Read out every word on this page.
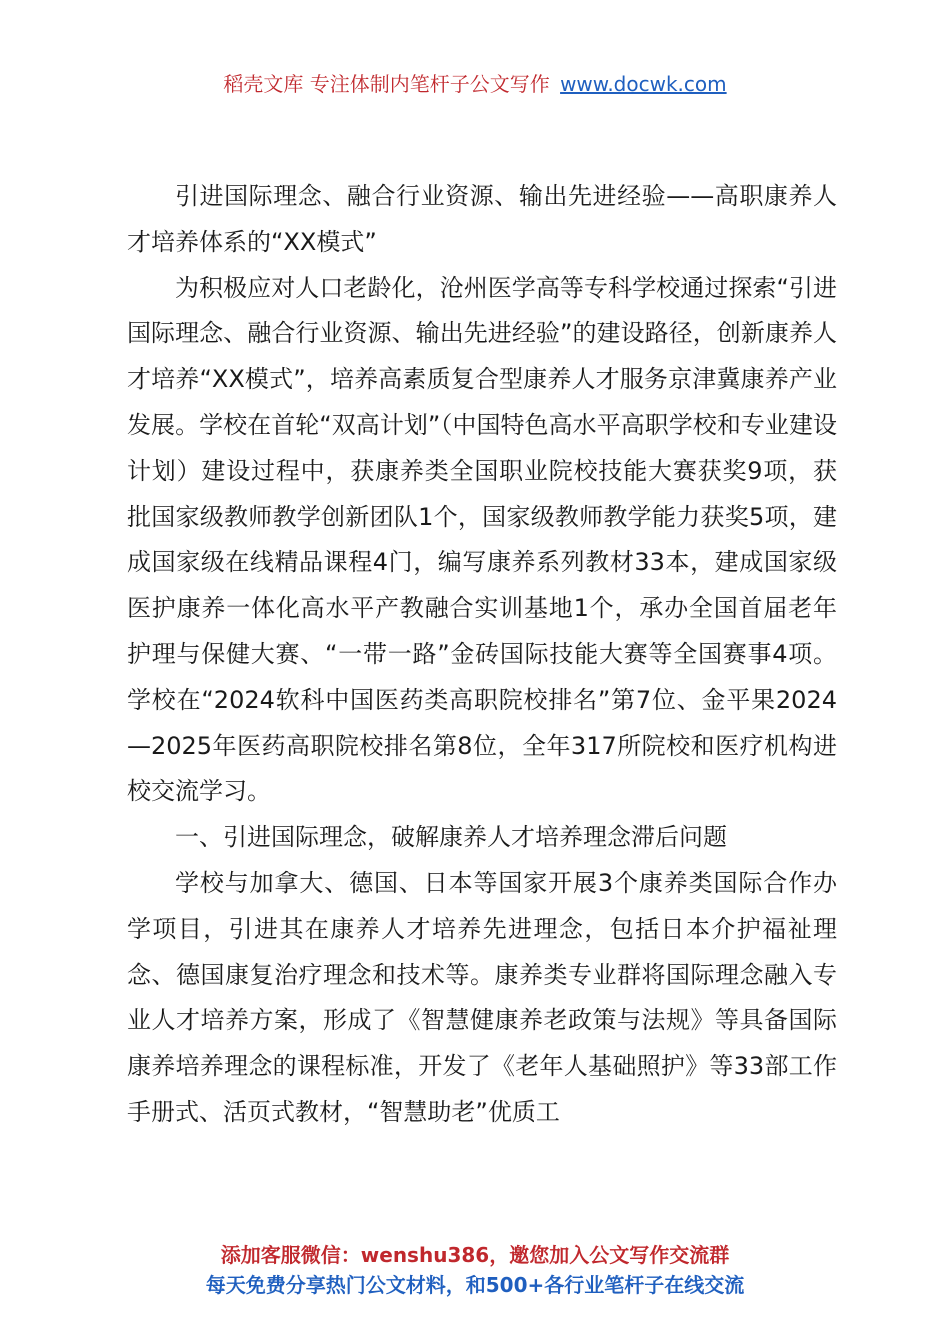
稻壳文库 专注体制内笔杆子公文写作 www.docwk.com

引进国际理念、融合行业资源、输出先进经验——高职康养人才培养体系的“XX模式”

为积极应对人口老龄化，沧州医学高等专科学校通过探索“引进国际理念、融合行业资源、输出先进经验”的建设路径，创新康养人才培养“XX模式”，培养高素质复合型康养人才服务京津冀康养产业发展。学校在首轮“双高计划”（中国特色高水平高职学校和专业建设计划）建设过程中，获康养类全国职业院校技能大赛获奖9项，获批国家级教师教学创新团队1个，国家级教师教学能力获奖5项，建成国家级在线精品课程4门，编写康养系列教材33本，建成国家级医护康养一体化高水平产教融合实训基地1个，承办全国首届老年护理与保健大赛、“一带一路”金砖国际技能大赛等全国赛事4项。学校在“2024软科中国医药类高职院校排名”第7位、金平果2024—2025年医药高职院校排名第8位，全年317所院校和医疗机构进校交流学习。

一、引进国际理念，破解康养人才培养理念滞后问题

学校与加拿大、德国、日本等国家开展3个康养类国际合作办学项目，引进其在康养人才培养先进理念，包括日本介护福祉理念、德国康复治疗理念和技术等。康养类专业群将国际理念融入专业人才培养方案，形成了《智慧健康养老政策与法规》等具备国际康养培养理念的课程标准，开发了《老年人基础照护》等33部工作手册式、活页式教材，“智慧助老”优质工

添加客服微信：wenshu386，邀您加入公文写作交流群
每天免费分享热门公文材料，和500+各行业笔杆子在线交流
